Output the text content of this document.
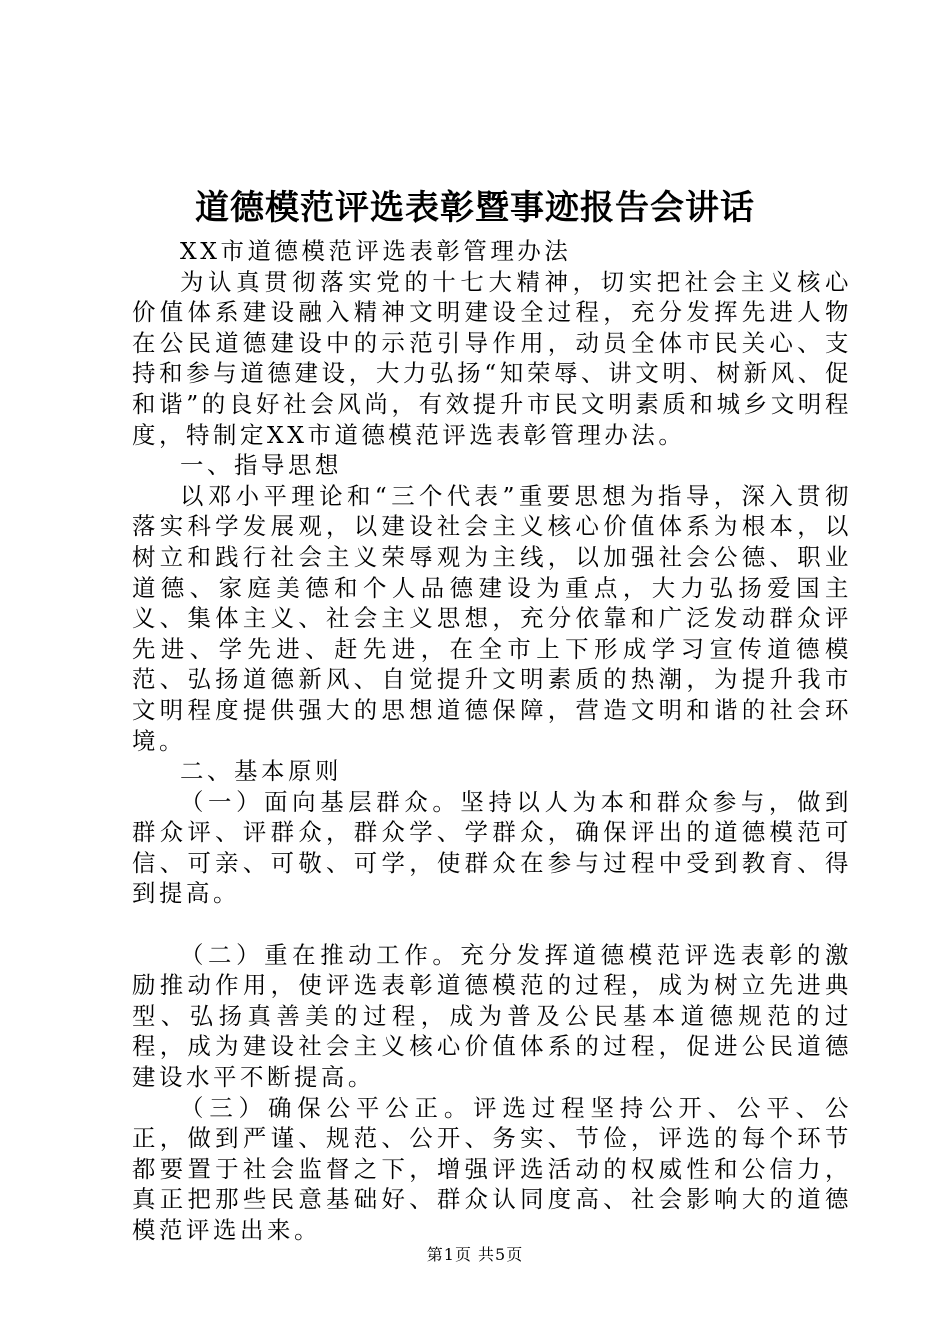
道德模范评选表彰暨事迹报告会讲话

XX市道德模范评选表彰管理办法

为认真贯彻落实党的十七大精神，切实把社会主义核心价值体系建设融入精神文明建设全过程，充分发挥先进人物在公民道德建设中的示范引导作用，动员全体市民关心、支持和参与道德建设，大力弘扬“知荣辱、讲文明、树新风、促和谐”的良好社会风尚，有效提升市民文明素质和城乡文明程度，特制定XX市道德模范评选表彰管理办法。

一、指导思想

以邓小平理论和“三个代表”重要思想为指导，深入贯彻落实科学发展观，以建设社会主义核心价值体系为根本，以树立和践行社会主义荣辱观为主线，以加强社会公德、职业道德、家庭美德和个人品德建设为重点，大力弘扬爱国主义、集体主义、社会主义思想，充分依靠和广泛发动群众评先进、学先进、赶先进，在全市上下形成学习宣传道德模范、弘扬道德新风、自觉提升文明素质的热潮，为提升我市文明程度提供强大的思想道德保障，营造文明和谐的社会环境。

二、基本原则

（一）面向基层群众。坚持以人为本和群众参与，做到群众评、评群众，群众学、学群众，确保评出的道德模范可信、可亲、可敬、可学，使群众在参与过程中受到教育、得到提高。

（二）重在推动工作。充分发挥道德模范评选表彰的激励推动作用，使评选表彰道德模范的过程，成为树立先进典型、弘扬真善美的过程，成为普及公民基本道德规范的过程，成为建设社会主义核心价值体系的过程，促进公民道德建设水平不断提高。

（三）确保公平公正。评选过程坚持公开、公平、公正，做到严谨、规范、公开、务实、节俭，评选的每个环节都要置于社会监督之下，增强评选活动的权威性和公信力，真正把那些民意基础好、群众认同度高、社会影响大的道德模范评选出来。

第1页 共5页
